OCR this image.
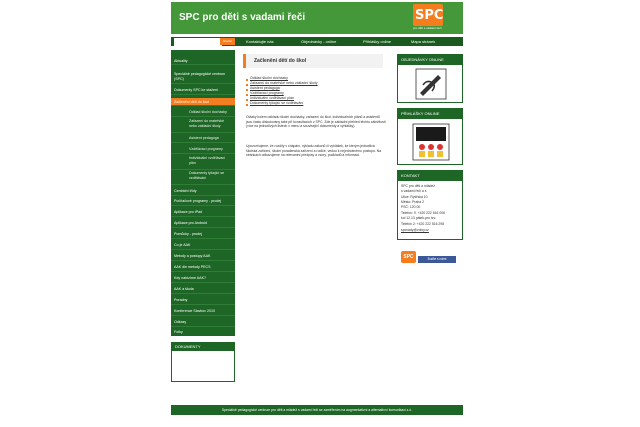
SPC pro děti s vadami řeči	SPC
pro děti s vadami řeči
Hledat	Kontaktujte nás	Objednávky - online	Přihlášky online	Mapa stránek
Aktuality
Speciálně pedagogické centrum (SPC)
Dokumenty SPC ke stažení
Začlenění dětí do škol
Odklad školní docházky
Zařazení do mateřské nebo základní školy
Asistent pedagoga
Vzdělávací programy
Individuální vzdělávací plán
Dokumenty týkající se vzdělávání
Centrální třídy
Počítačové programy - prodej
Aplikace pro iPad
Aplikace pro Android
Pomůcky - prodej
Co je AAK
Metody a postupy AAK
AAK dle metody PECS
Kdy nabízíme AAK?
AAK a škola
Poradny
Konference Slavkov 2010
Odkazy
Fotky
DOKUMENTY
Začlenění dětí do škol
Odklad školní docházky
Zařazení do mateřské nebo základní školy
Asistent pedagoga
Vzdělávací programy
Individuální vzdělávací plán
Dokumenty týkající se vzdělávání
Otázky kolem odkladu školní docházky, zařazení do škol, individuálních plánů a asistentů jsou často diskutovány také při konzultacích v SPC. Zde je základní přehled těchto záležitostí (více na jednotlivých listech v menu a související dokumenty a vyhlášky).
Upozorňujeme, že rozdíly v chápání, výkladu zákonů či vyhlášek, ke kterým jednotlivá školská zařízení, školní poradenská zařízení a rodiče, vedou k nejednotnému postupu. Na stránkách odkazujeme na relevantní předpisy a vzory, podkladů a informací.
OBJEDNÁVKY ONLINE
PŘIHLÁŠKY ONLINE
KONTAKT
SPC pro děti a mládež
s vadami řeči a s
Ulice: Rytířská 10
Město: Praha 2
PSČ: 120 00
Telefon: 9. +420 222 516 006
kol 12.13 pátek-pro tzv.
Telefon 2: +420 222 516 298
spcvady@volny.cz
SPC	Buďte s námi
Speciálně pedagogické centrum pro děti a mládež s vadami řeči se zaměřením na augmentativní a alternativní komunikaci z.ú.
